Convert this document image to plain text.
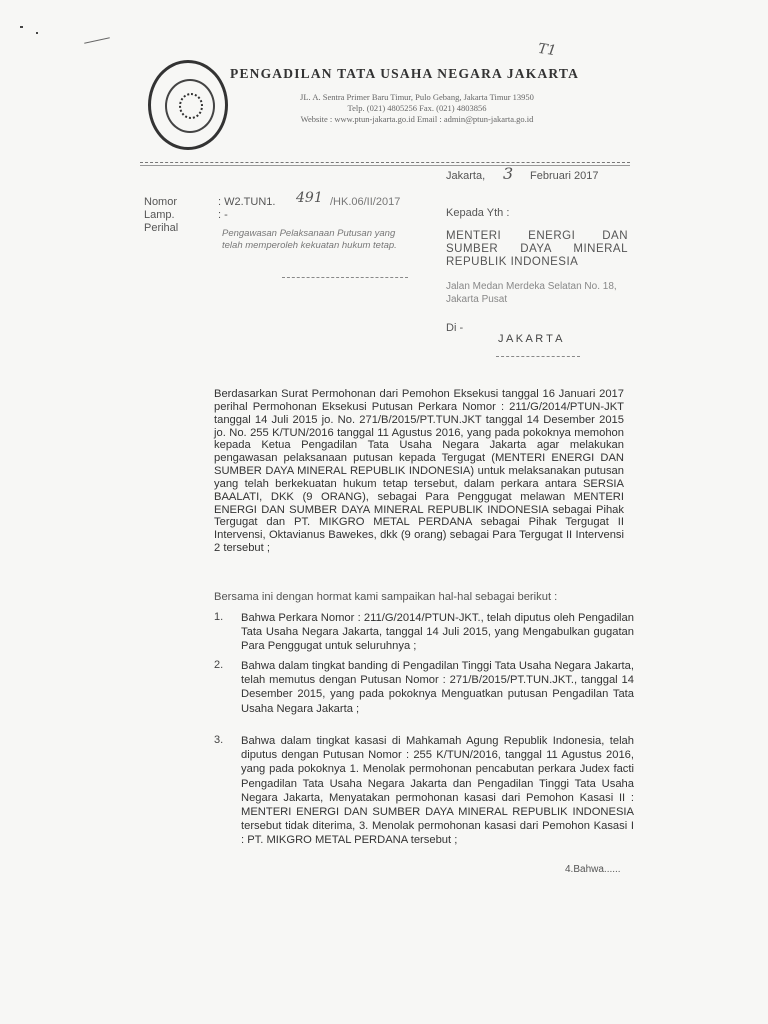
T1
PENGADILAN TATA USAHA NEGARA JAKARTA
JL. A. Sentra Primer Baru Timur, Pulo Gebang, Jakarta Timur 13950
Telp. (021) 4805256 Fax. (021) 4803856
Website : www.ptun-jakarta.go.id Email : admin@ptun-jakarta.go.id
Jakarta, 3 Februari 2017
Nomor
Lamp.
Perihal
: W2.TUN1. 491 /HK.06/II/2017
: -
Pengawasan Pelaksanaan Putusan yang telah memperoleh kekuatan hukum tetap.
Kepada Yth :
MENTERI ENERGI DAN SUMBER DAYA MINERAL REPUBLIK INDONESIA
Jalan Medan Merdeka Selatan No. 18, Jakarta Pusat
Di -
J A K A R T A
Berdasarkan Surat Permohonan dari Pemohon Eksekusi tanggal 16 Januari 2017 perihal Permohonan Eksekusi Putusan Perkara Nomor : 211/G/2014/PTUN-JKT tanggal 14 Juli 2015 jo. No. 271/B/2015/PT.TUN.JKT tanggal 14 Desember 2015 jo. No. 255 K/TUN/2016 tanggal 11 Agustus 2016, yang pada pokoknya memohon kepada Ketua Pengadilan Tata Usaha Negara Jakarta agar melakukan pengawasan pelaksanaan putusan kepada Tergugat (MENTERI ENERGI DAN SUMBER DAYA MINERAL REPUBLIK INDONESIA) untuk melaksanakan putusan yang telah berkekuatan hukum tetap tersebut, dalam perkara antara SERSIA BAALATI, DKK (9 ORANG), sebagai Para Penggugat melawan MENTERI ENERGI DAN SUMBER DAYA MINERAL REPUBLIK INDONESIA sebagai Pihak Tergugat dan PT. MIKGRO METAL PERDANA sebagai Pihak Tergugat II Intervensi, Oktavianus Bawekes, dkk (9 orang) sebagai Para Tergugat II Intervensi 2 tersebut ;
Bersama ini dengan hormat kami sampaikan hal-hal sebagai berikut :
1. Bahwa Perkara Nomor : 211/G/2014/PTUN-JKT., telah diputus oleh Pengadilan Tata Usaha Negara Jakarta, tanggal 14 Juli 2015, yang Mengabulkan gugatan Para Penggugat untuk seluruhnya ;
2. Bahwa dalam tingkat banding di Pengadilan Tinggi Tata Usaha Negara Jakarta, telah memutus dengan Putusan Nomor : 271/B/2015/PT.TUN.JKT., tanggal 14 Desember 2015, yang pada pokoknya Menguatkan putusan Pengadilan Tata Usaha Negara Jakarta ;
3. Bahwa dalam tingkat kasasi di Mahkamah Agung Republik Indonesia, telah diputus dengan Putusan Nomor : 255 K/TUN/2016, tanggal 11 Agustus 2016, yang pada pokoknya 1. Menolak permohonan pencabutan perkara Judex facti Pengadilan Tata Usaha Negara Jakarta dan Pengadilan Tinggi Tata Usaha Negara Jakarta, Menyatakan permohonan kasasi dari Pemohon Kasasi II : MENTERI ENERGI DAN SUMBER DAYA MINERAL REPUBLIK INDONESIA tersebut tidak diterima, 3. Menolak permohonan kasasi dari Pemohon Kasasi I : PT. MIKGRO METAL PERDANA tersebut ;
4.Bahwa......
